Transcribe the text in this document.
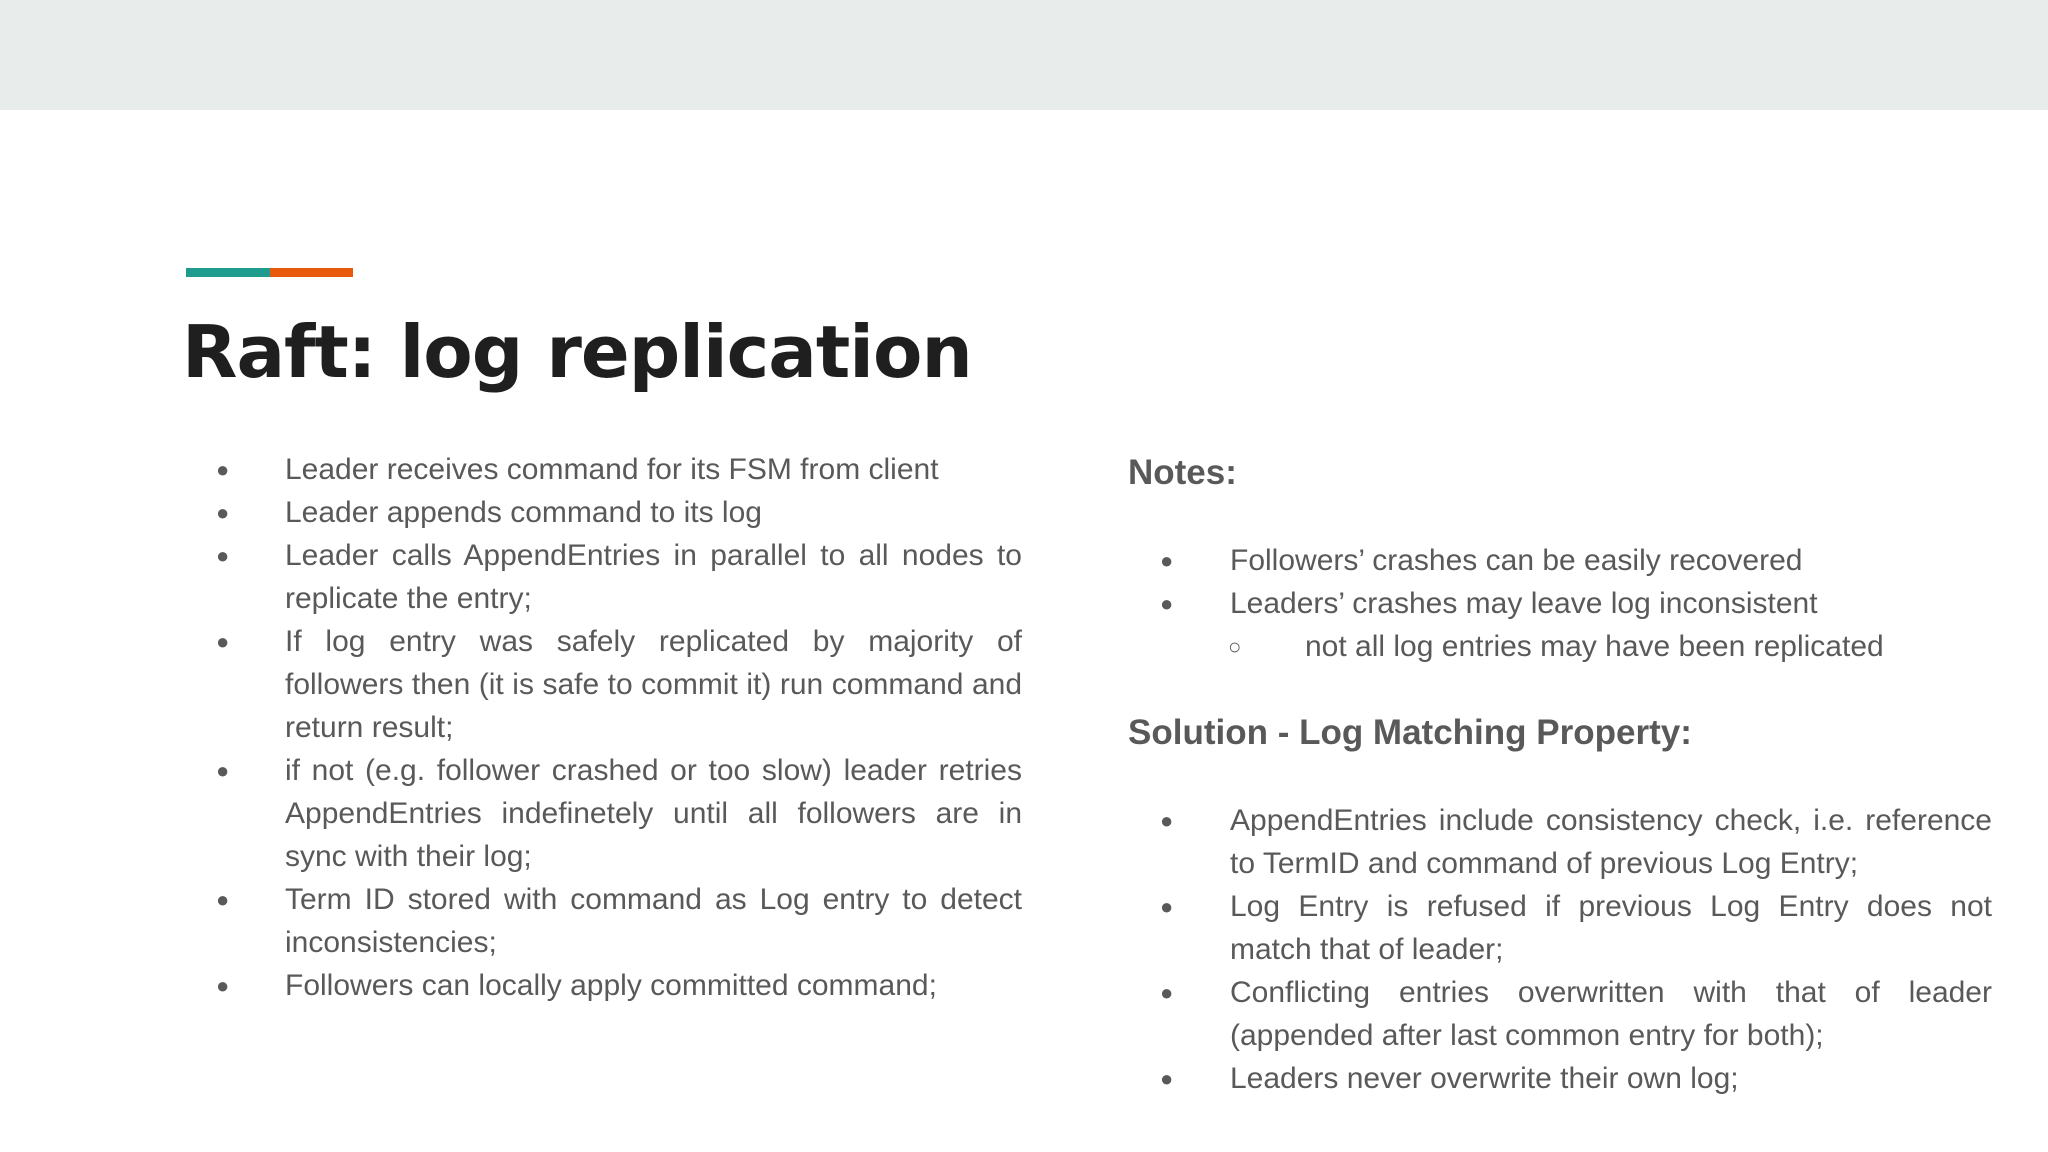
Raft: log replication
● Leader receives command for its FSM from client
● Leader appends command to its log
● Leader calls AppendEntries in parallel to all nodes to replicate the entry;
● If log entry was safely replicated by majority of followers then (it is safe to commit it) run command and return result;
● if not (e.g. follower crashed or too slow) leader retries AppendEntries indefinetely until all followers are in sync with their log;
● Term ID stored with command as Log entry to detect inconsistencies;
● Followers can locally apply committed command;
Notes:
● Followers’ crashes can be easily recovered
● Leaders’ crashes may leave log inconsistent
○ not all log entries may have been replicated
Solution - Log Matching Property:
● AppendEntries include consistency check, i.e. reference to TermID and command of previous Log Entry;
● Log Entry is refused if previous Log Entry does not match that of leader;
● Conflicting entries overwritten with that of leader (appended after last common entry for both);
● Leaders never overwrite their own log;
